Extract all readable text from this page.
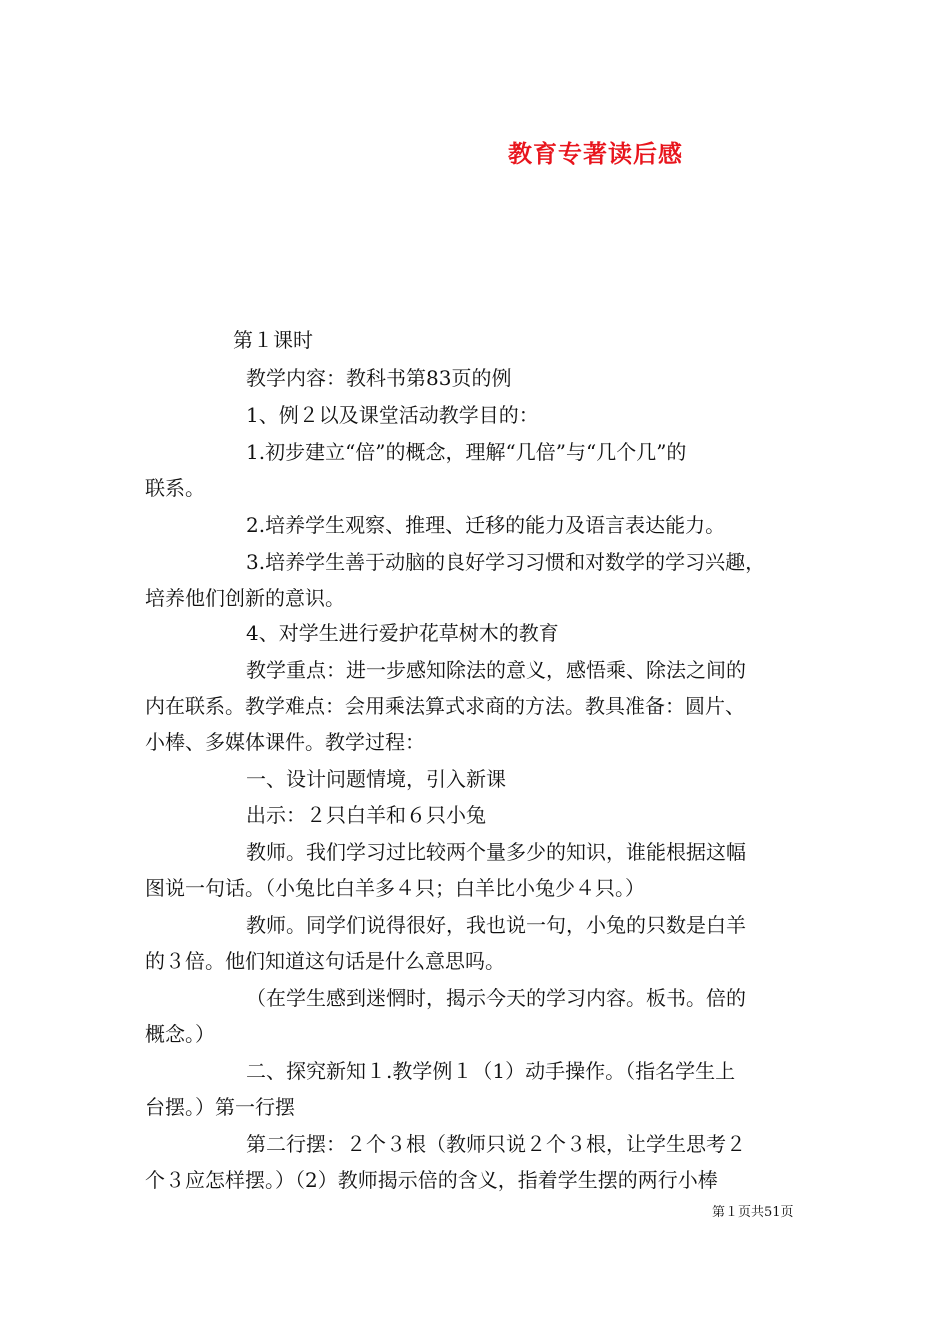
教育专著读后感
第１课时
教学内容：教科书第83页的例
1、例２以及课堂活动教学目的：
1.初步建立“倍”的概念，理解“几倍”与“几个几”的
联系。
2.培养学生观察、推理、迁移的能力及语言表达能力。
3.培养学生善于动脑的良好学习习惯和对数学的学习兴趣，
培养他们创新的意识。
4、对学生进行爱护花草树木的教育
教学重点：进一步感知除法的意义，感悟乘、除法之间的
内在联系。教学难点：会用乘法算式求商的方法。教具准备：圆片、
小棒、多媒体课件。教学过程：
一、设计问题情境，引入新课
出示：２只白羊和６只小兔
教师。我们学习过比较两个量多少的知识，谁能根据这幅
图说一句话。（小兔比白羊多４只；白羊比小兔少４只。）
教师。同学们说得很好，我也说一句，小兔的只数是白羊
的３倍。他们知道这句话是什么意思吗。
（在学生感到迷惘时，揭示今天的学习内容。板书。倍的
概念。）
二、探究新知１.教学例１（1）动手操作。（指名学生上
台摆。）第一行摆
第二行摆：２个３根（教师只说２个３根，让学生思考２
个３应怎样摆。）（2）教师揭示倍的含义，指着学生摆的两行小棒
第１页共51页
